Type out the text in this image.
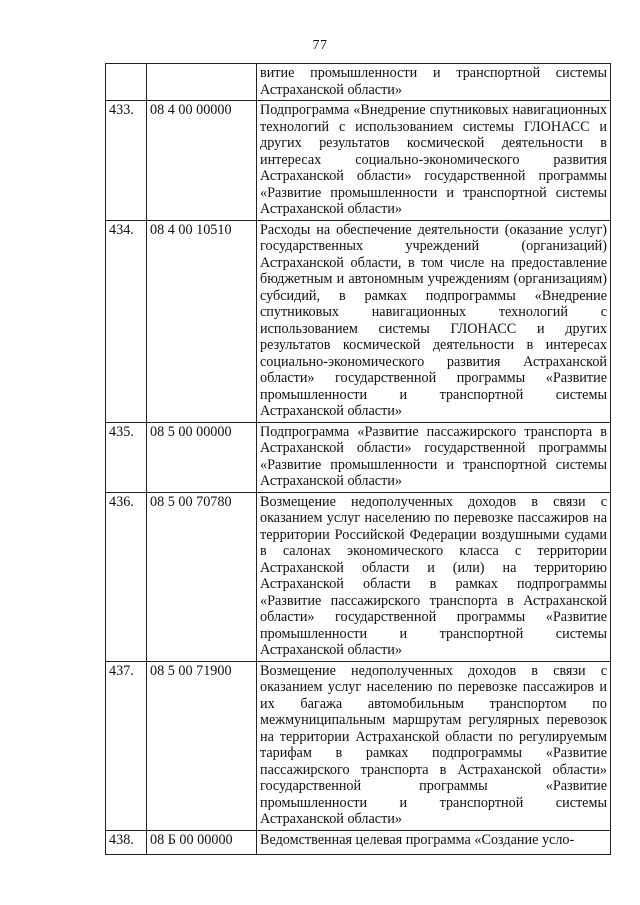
77
		витие промышленности и транспортной системы Астраханской области»
433.	08 4 00 00000	Подпрограмма «Внедрение спутниковых навигационных технологий с использованием системы ГЛОНАСС и других результатов космической деятельности в интересах социально-экономического развития Астраханской области» государственной программы «Развитие промышленности и транспортной системы Астраханской области»
434.	08 4 00 10510	Расходы на обеспечение деятельности (оказание услуг) государственных учреждений (организаций) Астраханской области, в том числе на предоставление бюджетным и автономным учреждениям (организациям) субсидий, в рамках подпрограммы «Внедрение спутниковых навигационных технологий с использованием системы ГЛОНАСС и других результатов космической деятельности в интересах социально-экономического развития Астраханской области» государственной программы «Развитие промышленности и транспортной системы Астраханской области»
435.	08 5 00 00000	Подпрограмма «Развитие пассажирского транспорта в Астраханской области» государственной программы «Развитие промышленности и транспортной системы Астраханской области»
436.	08 5 00 70780	Возмещение недополученных доходов в связи с оказанием услуг населению по перевозке пассажиров на территории Российской Федерации воздушными судами в салонах экономического класса с территории Астраханской области и (или) на территорию Астраханской области в рамках подпрограммы «Развитие пассажирского транспорта в Астраханской области» государственной программы «Развитие промышленности и транспортной системы Астраханской области»
437.	08 5 00 71900	Возмещение недополученных доходов в связи с оказанием услуг населению по перевозке пассажиров и их багажа автомобильным транспортом по межмуниципальным маршрутам регулярных перевозок на территории Астраханской области по регулируемым тарифам в рамках подпрограммы «Развитие пассажирского транспорта в Астраханской области» государственной программы «Развитие промышленности и транспортной системы Астраханской области»
438.	08 Б 00 00000	Ведомственная целевая программа «Создание усло-
